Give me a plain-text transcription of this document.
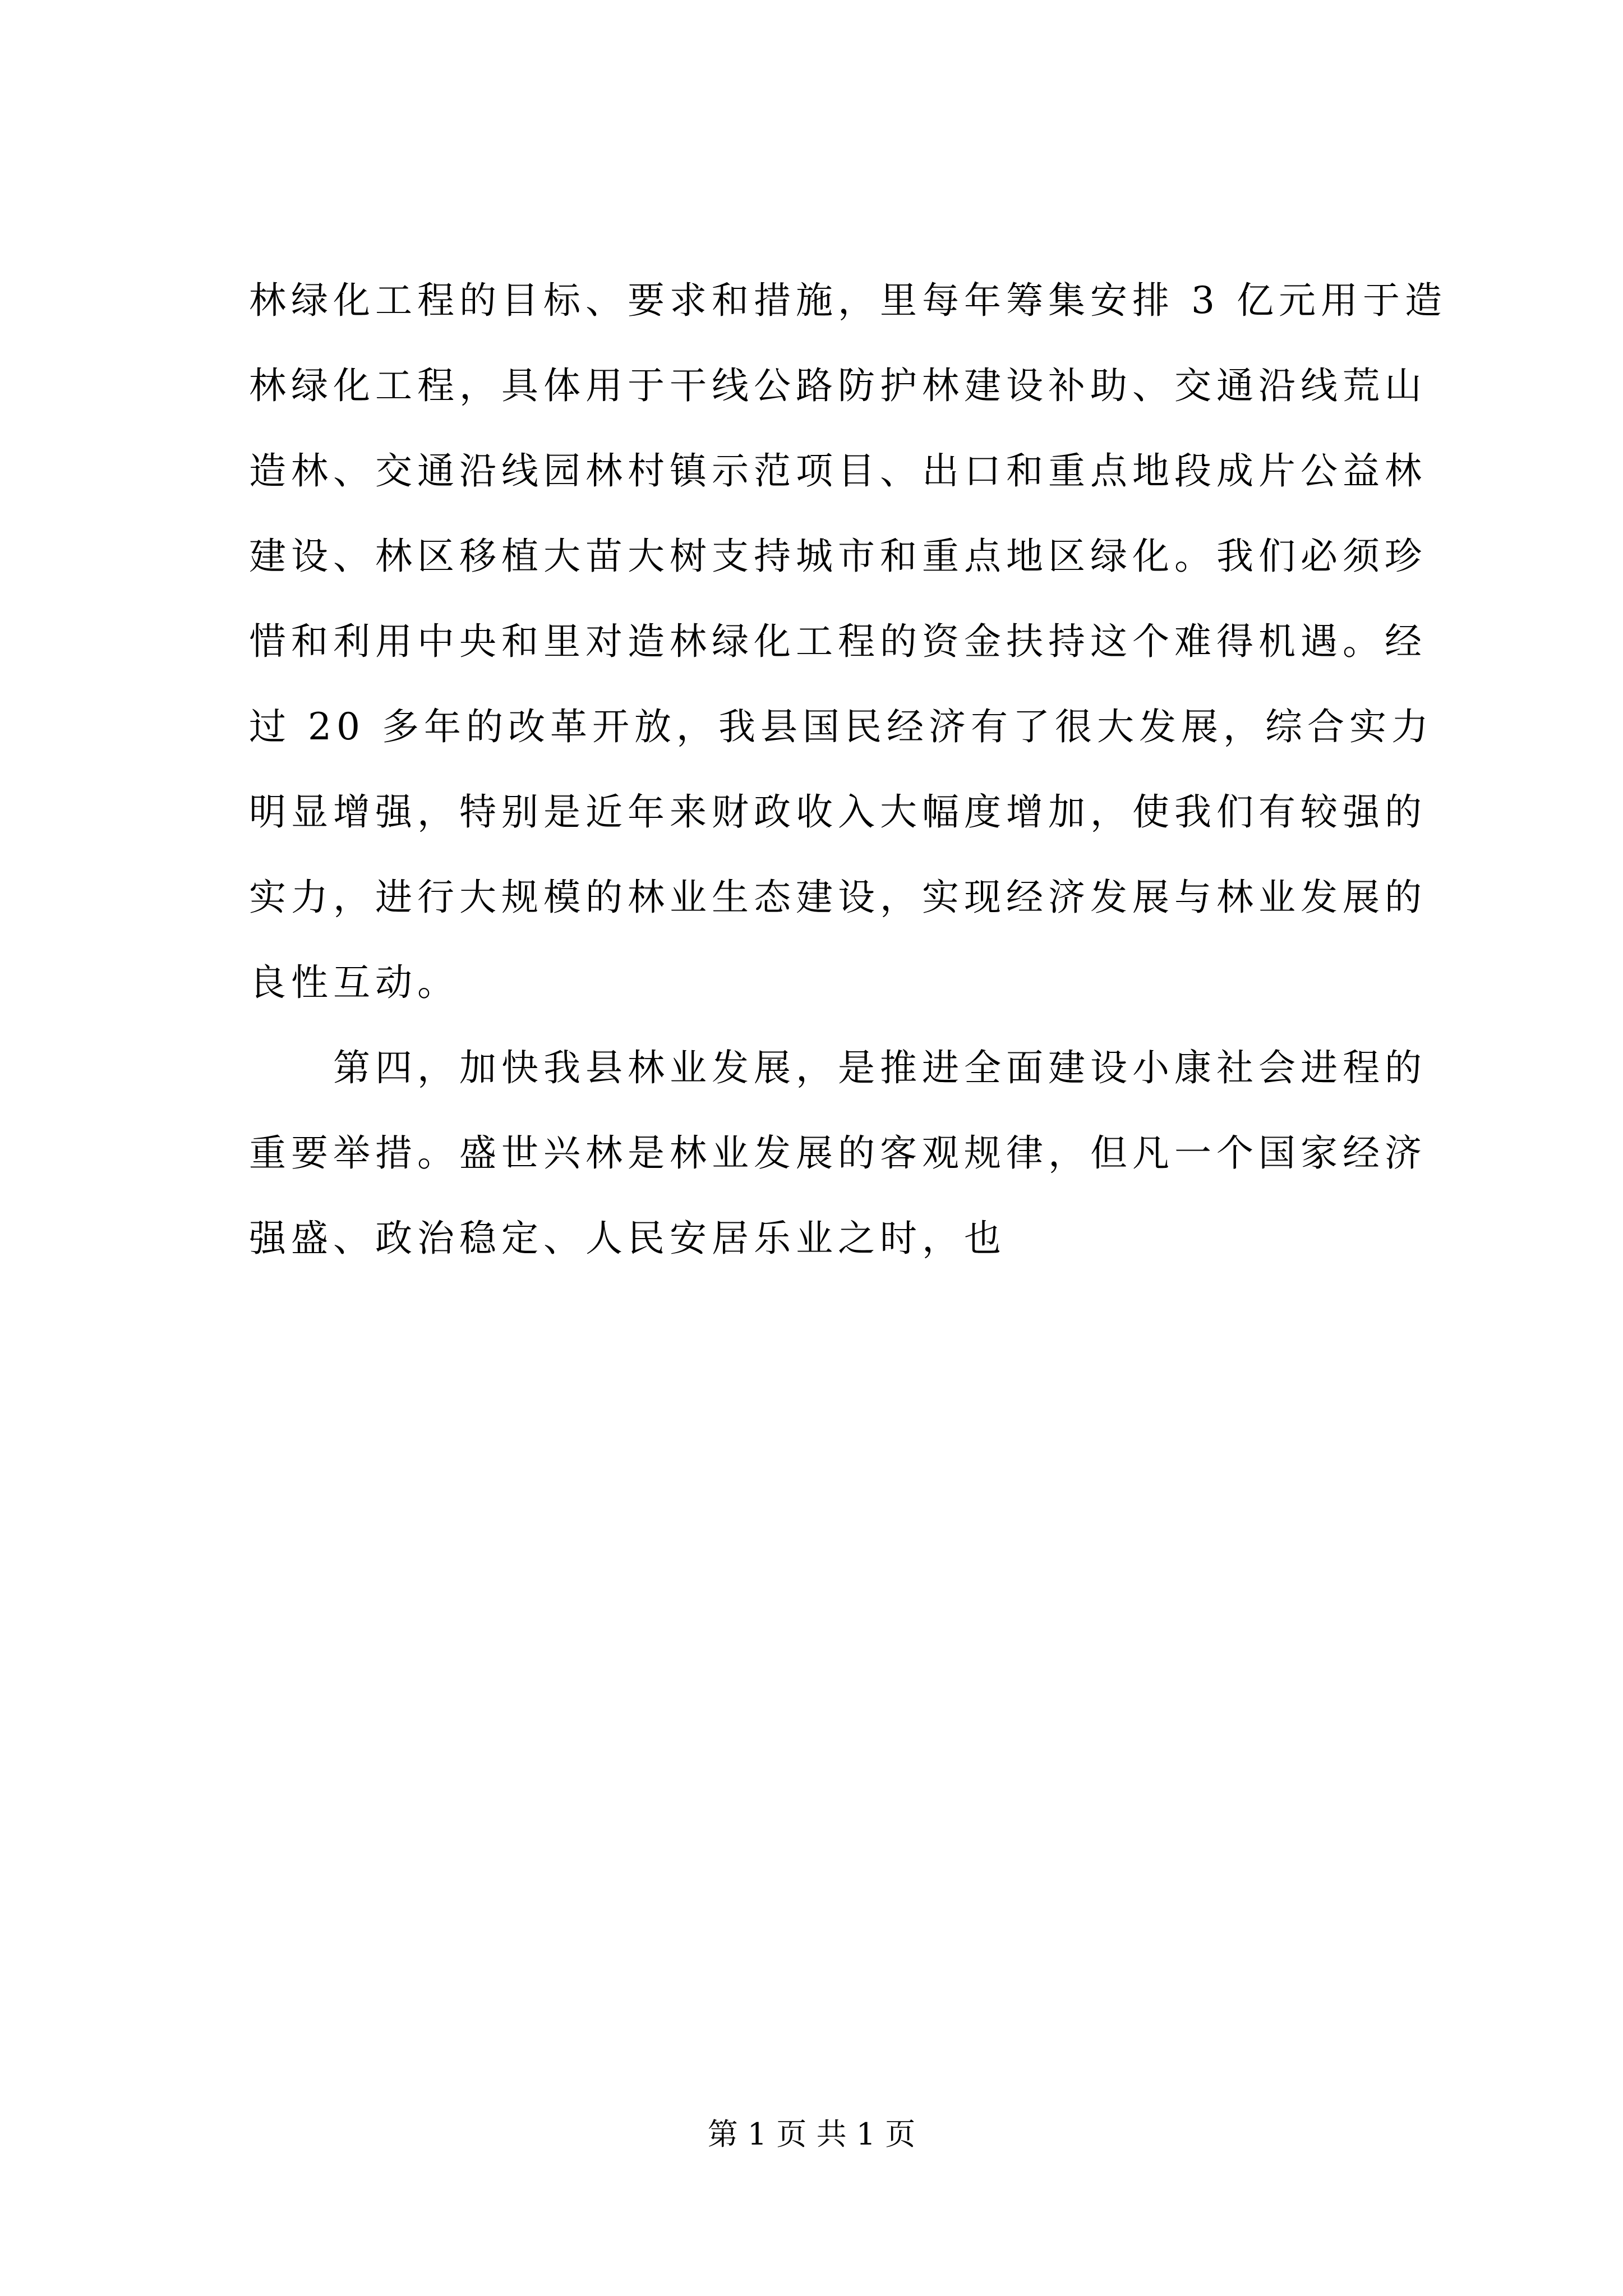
林绿化工程的目标、要求和措施，里每年筹集安排 3 亿元用于造
林绿化工程，具体用于干线公路防护林建设补助、交通沿线荒山
造林、交通沿线园林村镇示范项目、出口和重点地段成片公益林
建设、林区移植大苗大树支持城市和重点地区绿化。我们必须珍
惜和利用中央和里对造林绿化工程的资金扶持这个难得机遇。经
过 20 多年的改革开放，我县国民经济有了很大发展，综合实力
明显增强，特别是近年来财政收入大幅度增加，使我们有较强的
实力，进行大规模的林业生态建设，实现经济发展与林业发展的
良性互动。
　　第四，加快我县林业发展，是推进全面建设小康社会进程的
重要举措。盛世兴林是林业发展的客观规律，但凡一个国家经济
强盛、政治稳定、人民安居乐业之时，也
第 1 页 共 1 页
